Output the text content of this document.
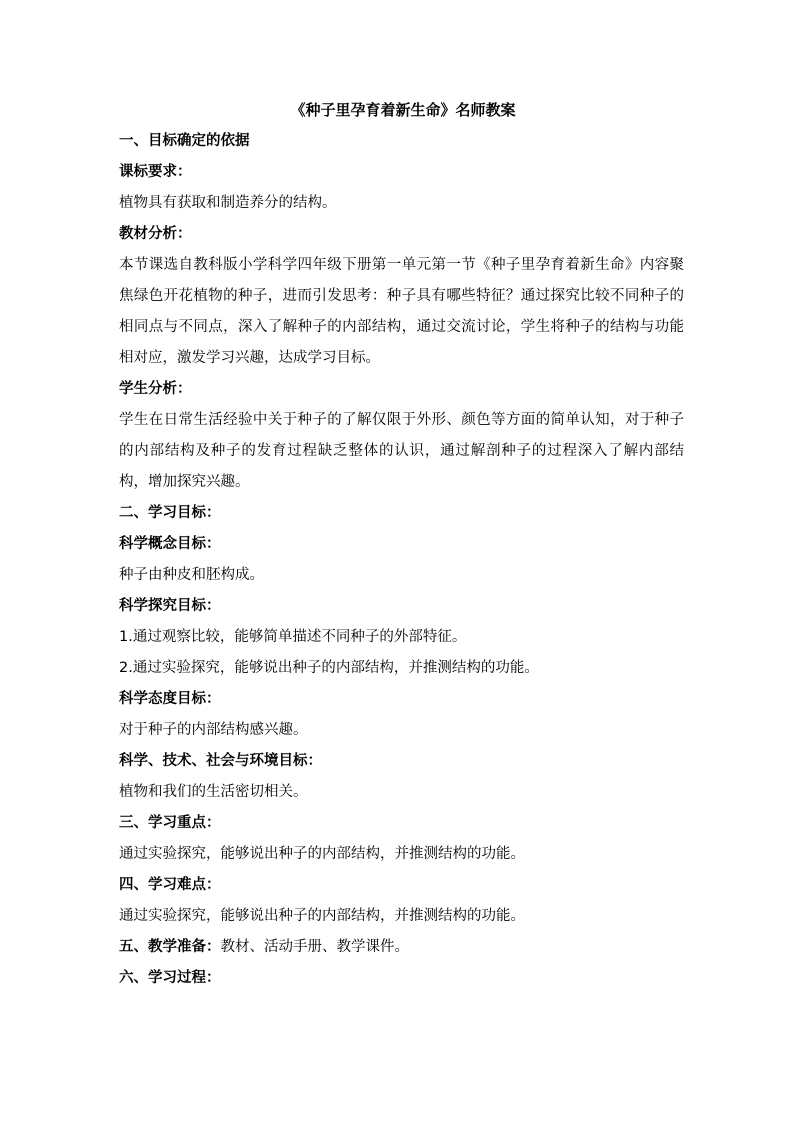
《种子里孕育着新生命》名师教案

一、目标确定的依据

课标要求：

植物具有获取和制造养分的结构。

教材分析：

本节课选自教科版小学科学四年级下册第一单元第一节《种子里孕育着新生命》内容聚焦绿色开花植物的种子，进而引发思考：种子具有哪些特征？通过探究比较不同种子的相同点与不同点，深入了解种子的内部结构，通过交流讨论，学生将种子的结构与功能相对应，激发学习兴趣，达成学习目标。

学生分析：

学生在日常生活经验中关于种子的了解仅限于外形、颜色等方面的简单认知，对于种子的内部结构及种子的发育过程缺乏整体的认识，通过解剖种子的过程深入了解内部结构，增加探究兴趣。

二、学习目标：

科学概念目标：

种子由种皮和胚构成。

科学探究目标：

1.通过观察比较，能够简单描述不同种子的外部特征。

2.通过实验探究，能够说出种子的内部结构，并推测结构的功能。

科学态度目标：

对于种子的内部结构感兴趣。

科学、技术、社会与环境目标：

植物和我们的生活密切相关。

三、学习重点：

通过实验探究，能够说出种子的内部结构，并推测结构的功能。

四、学习难点：

通过实验探究，能够说出种子的内部结构，并推测结构的功能。

五、教学准备：教材、活动手册、教学课件。

六、学习过程：
